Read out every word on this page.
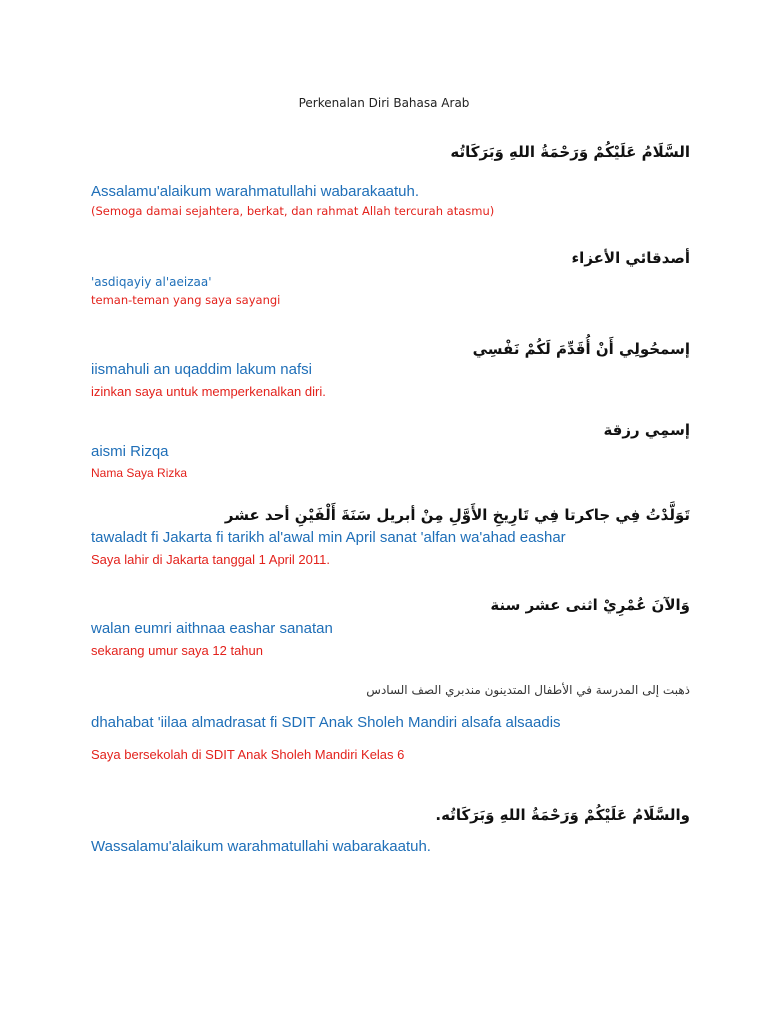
Perkenalan Diri Bahasa Arab
السَّلَامُ عَلَيْكُمْ وَرَحْمَةُ اللهِ وَبَرَكَاتُه
Assalamu'alaikum warahmatullahi wabarakaatuh.
(Semoga damai sejahtera, berkat, dan rahmat Allah tercurah atasmu)
أصدقائي الأعزاء
'asdiqayiy al'aeizaa'
teman-teman yang saya sayangi
إسمحُولِي أَنْ أُقَدِّمَ لَكُمْ نَفْسِي
iismahuli an uqaddim lakum nafsi
izinkan saya untuk memperkenalkan diri.
إسمِي رزقة
aismi Rizqa
Nama Saya Rizka
تَوَلَّدْتُ فِي جاكرتا فِي تَارِيخِ الأَوَّلِ مِنْ أبريل سَنَةَ أَلْفَيْنِ أحد عشر
tawaladt fi Jakarta fi tarikh al'awal min April sanat 'alfan wa'ahad eashar
Saya lahir di Jakarta tanggal 1 April 2011.
وَالآنَ عُمْرِيْ اثنى عشر سنة
walan eumri aithnaa eashar sanatan
sekarang umur saya 12 tahun
ذهبت إلى المدرسة في الأطفال المتدينون مندبري الصف السادس
dhahabat 'iilaa almadrasat fi SDIT Anak Sholeh Mandiri alsafa alsaadis
Saya bersekolah di SDIT Anak Sholeh Mandiri Kelas 6
والسَّلَامُ عَلَيْكُمْ وَرَحْمَةُ اللهِ وَبَرَكَاتُه.
Wassalamu'alaikum warahmatullahi wabarakaatuh.
